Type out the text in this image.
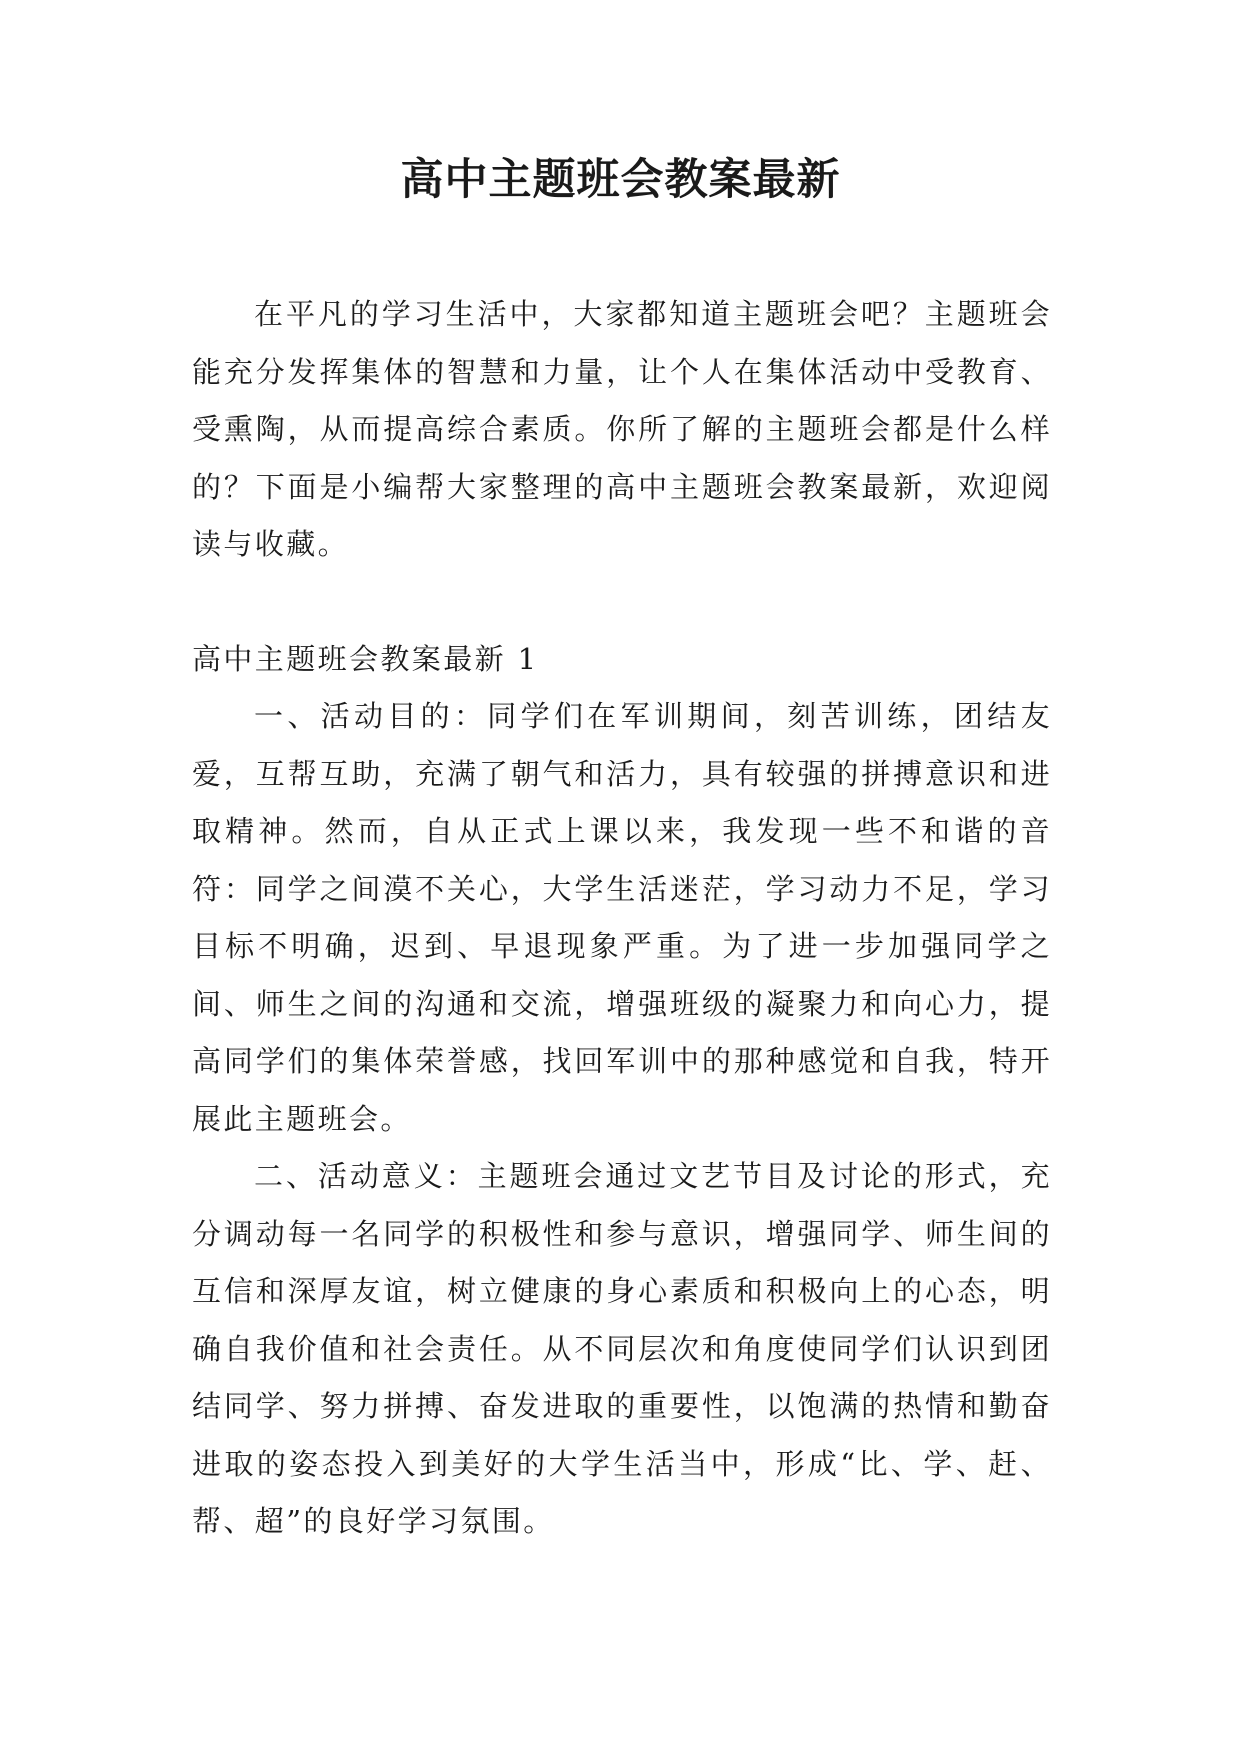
高中主题班会教案最新

在平凡的学习生活中，大家都知道主题班会吧？主题班会能充分发挥集体的智慧和力量，让个人在集体活动中受教育、受熏陶，从而提高综合素质。你所了解的主题班会都是什么样的？下面是小编帮大家整理的高中主题班会教案最新，欢迎阅读与收藏。

高中主题班会教案最新 1

一、活动目的：同学们在军训期间，刻苦训练，团结友爱，互帮互助，充满了朝气和活力，具有较强的拼搏意识和进取精神。然而，自从正式上课以来，我发现一些不和谐的音符：同学之间漠不关心，大学生活迷茫，学习动力不足，学习目标不明确，迟到、早退现象严重。为了进一步加强同学之间、师生之间的沟通和交流，增强班级的凝聚力和向心力，提高同学们的集体荣誉感，找回军训中的那种感觉和自我，特开展此主题班会。

二、活动意义：主题班会通过文艺节目及讨论的形式，充分调动每一名同学的积极性和参与意识，增强同学、师生间的互信和深厚友谊，树立健康的身心素质和积极向上的心态，明确自我价值和社会责任。从不同层次和角度使同学们认识到团结同学、努力拼搏、奋发进取的重要性，以饱满的热情和勤奋进取的姿态投入到美好的大学生活当中，形成“比、学、赶、帮、超”的良好学习氛围。
